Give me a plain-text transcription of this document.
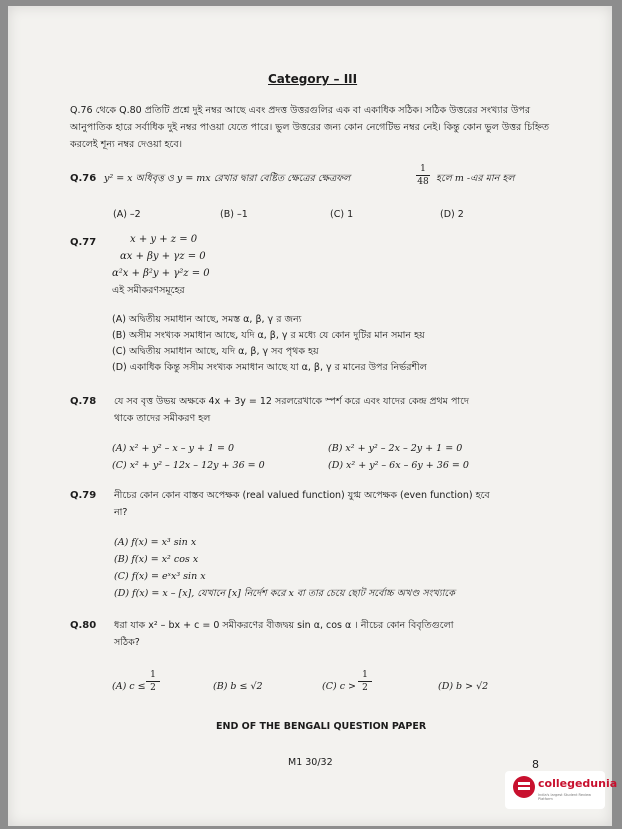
Category – III
Q.76 থেকে Q.80 প্রতিটি প্রশ্নে দুই নম্বর আছে এবং প্রদত্ত উত্তরগুলির এক বা একাধিক সঠিক। সঠিক উত্তরের সংখ্যার উপর আনুপাতিক হারে সর্বাধিক দুই নম্বর পাওয়া যেতে পারে। ভুল উত্তরের জন্য কোন নেগেটিভ নম্বর নেই। কিন্তু কোন ভুল উত্তর চিহ্নিত করলেই শূন্য নম্বর দেওয়া হবে।
Q.76 y² = x অধিবৃত্ত ও y = mx রেখার দ্বারা বেষ্টিত ক্ষেত্রের ক্ষেত্রফল
1
48 হলে m -এর মান হল
(A) –2	(B) –1	(C) 1	(D) 2
Q.77	x + y + z = 0
αx + βy + γz = 0
α²x + β²y + γ²z = 0
এই সমীকরণসমূহের
(A) অদ্বিতীয় সমাধান আছে, সমস্ত α, β, γ র জন্য
(B) অসীম সংখ্যক সমাধান আছে, যদি α, β, γ র মধ্যে যে কোন দুটির মান সমান হয়
(C) অদ্বিতীয় সমাধান আছে, যদি α, β, γ সব পৃথক হয়
(D) একাধিক কিন্তু সসীম সংখ্যক সমাধান আছে যা α, β, γ র মানের উপর নির্ভরশীল
Q.78 যে সব বৃত্ত উভয় অক্ষকে 4x + 3y = 12 সরলরেখাকে স্পর্শ করে এবং যাদের কেন্দ্র প্রথম পাদে
থাকে তাদের সমীকরণ হল
(A) x² + y² – x – y + 1 = 0	(B) x² + y² – 2x – 2y + 1 = 0
(C) x² + y² – 12x – 12y + 36 = 0	(D) x² + y² – 6x – 6y + 36 = 0
Q.79 নীচের কোন কোন বাস্তব অপেক্ষক (real valued function) যুগ্ম অপেক্ষক (even function) হবে
না?
(A) f(x) = x³ sin x
(B) f(x) = x² cos x
(C) f(x) = eˣx³ sin x
(D) f(x) = x – [x], যেখানে [x] নির্দেশ করে x বা তার চেয়ে ছোট সর্বোচ্চ অখণ্ড সংখ্যাকে
Q.80 ধরা যাক x² – bx + c = 0 সমীকরণের বীজদ্বয় sin α, cos α । নীচের কোন বিবৃতিগুলো
সঠিক?
(A) c ≤
1
2	(B) b ≤ √2	(C) c >
1
2	(D) b > √2
END OF THE BENGALI QUESTION PAPER
M1 30/32	8
collegedunia
India's largest Student Review Platform
